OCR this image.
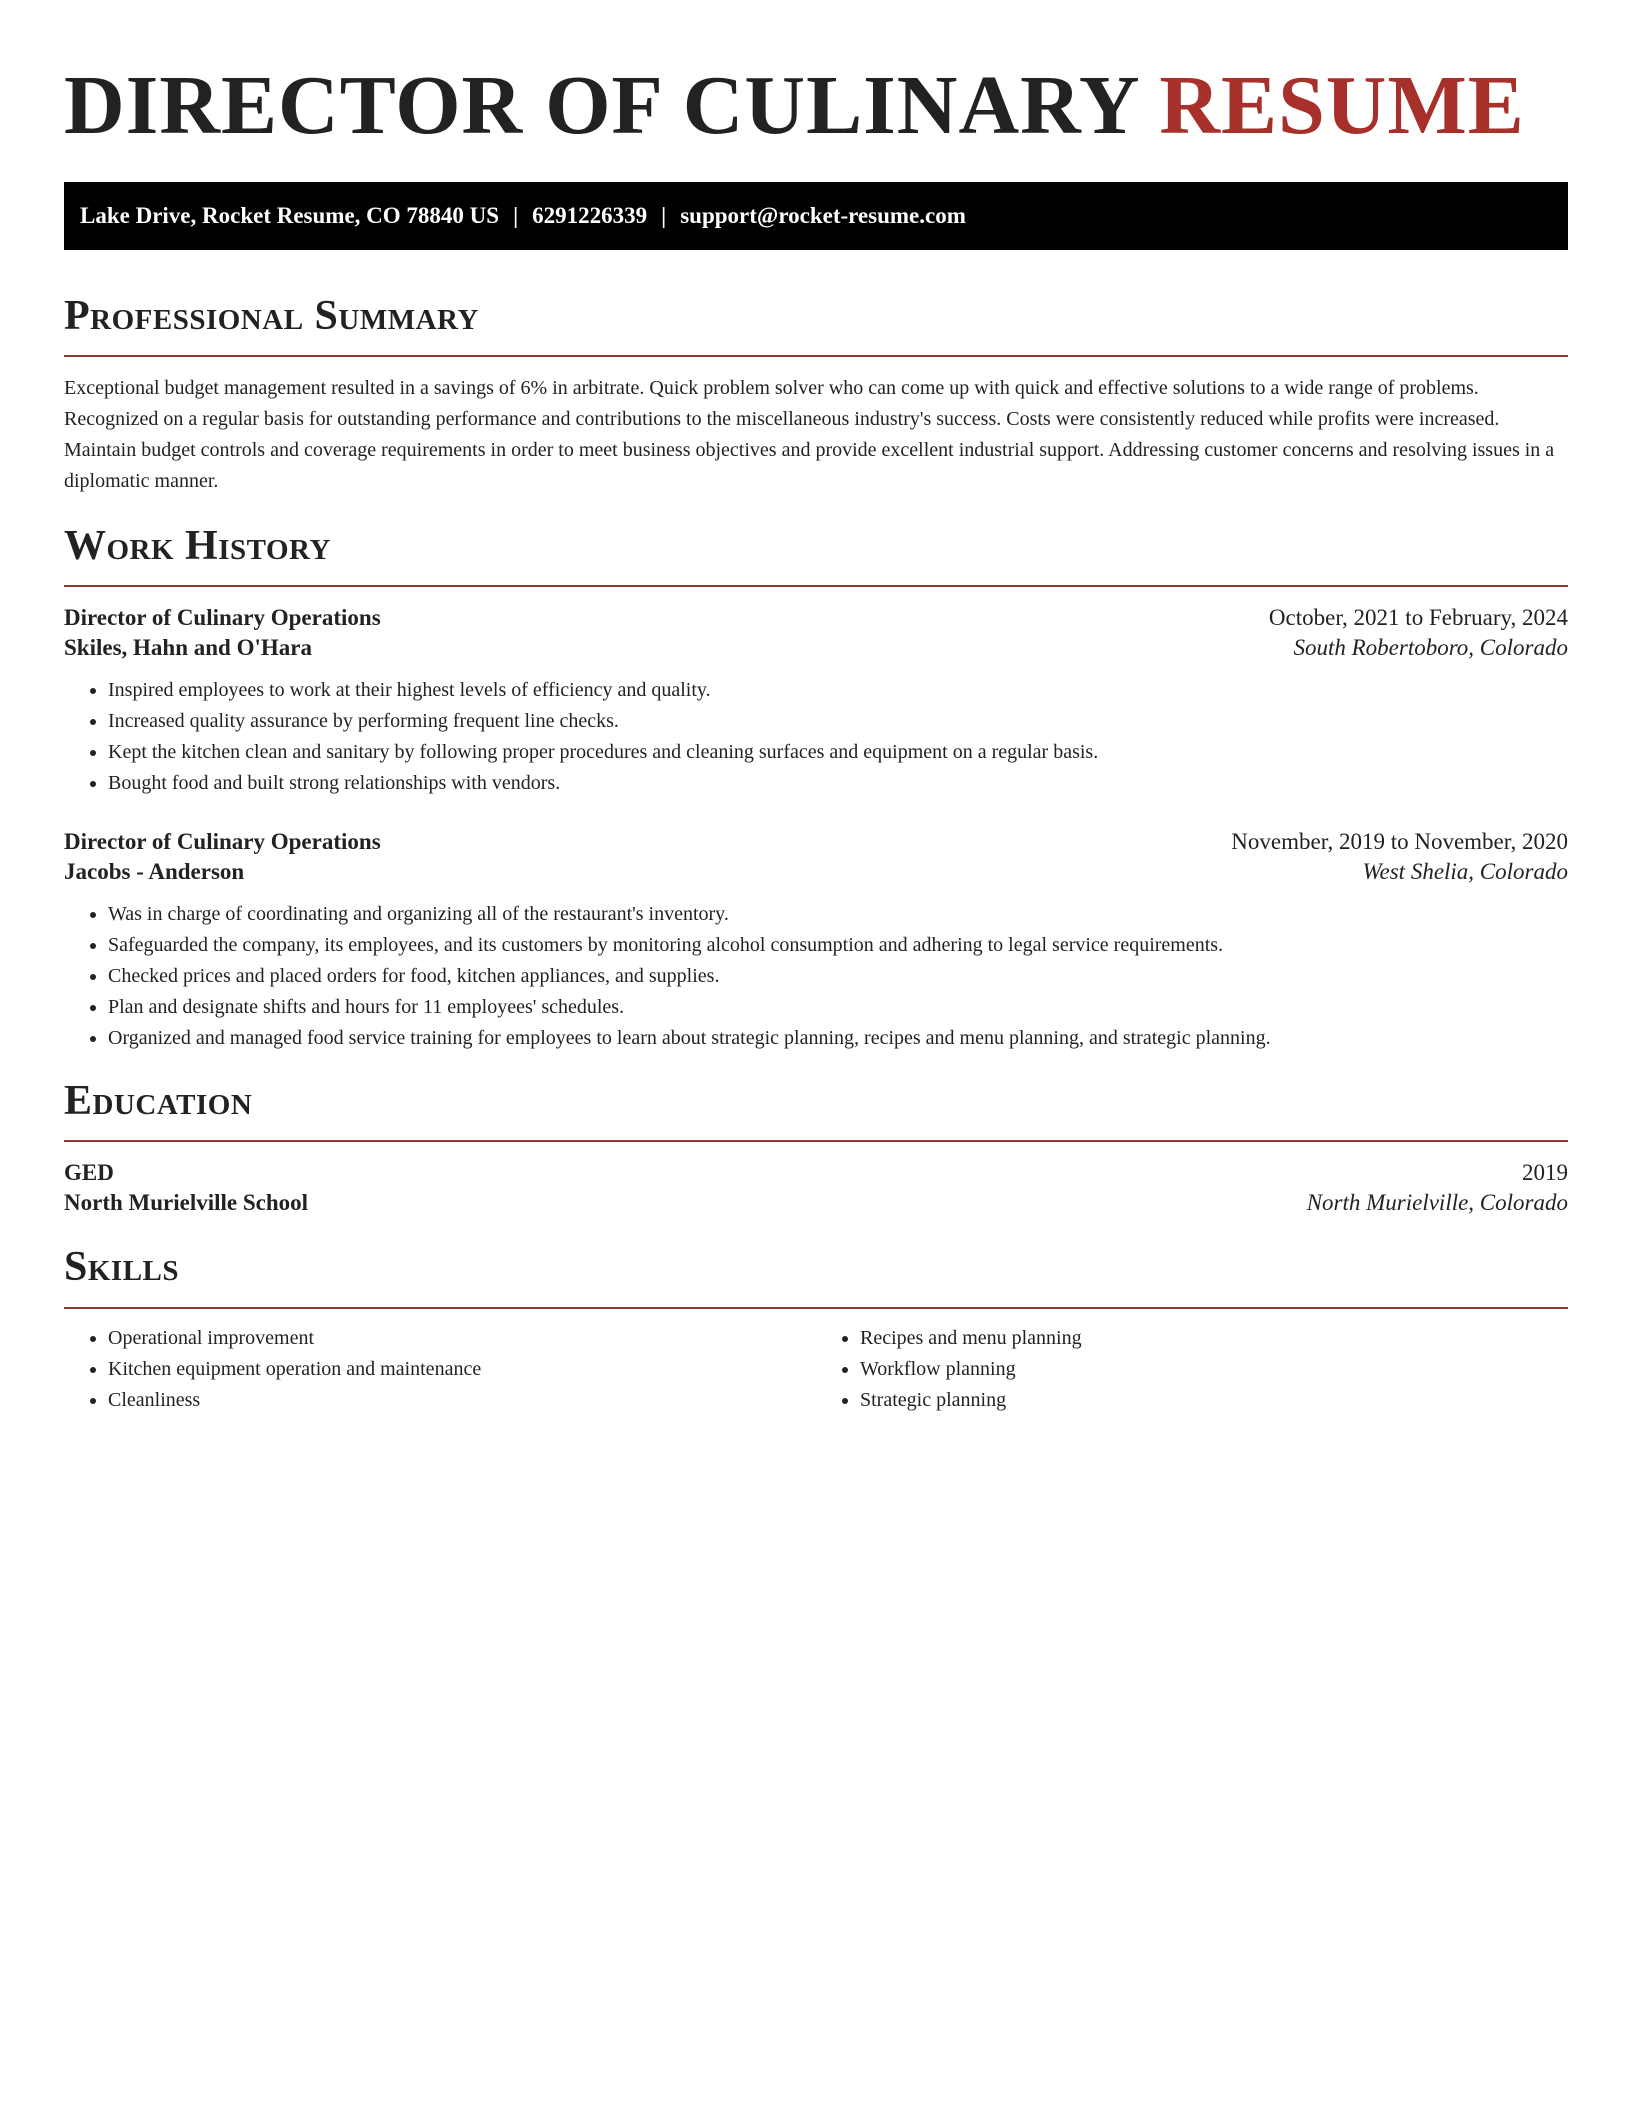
DIRECTOR OF CULINARY RESUME
Lake Drive, Rocket Resume, CO 78840 US | 6291226339 | support@rocket-resume.com
Professional Summary

Exceptional budget management resulted in a savings of 6% in arbitrate. Quick problem solver who can come up with quick and effective solutions to a wide range of problems. Recognized on a regular basis for outstanding performance and contributions to the miscellaneous industry's success. Costs were consistently reduced while profits were increased. Maintain budget controls and coverage requirements in order to meet business objectives and provide excellent industrial support. Addressing customer concerns and resolving issues in a diplomatic manner.

Work History
Director of Culinary Operations	October, 2021 to February, 2024
Skiles, Hahn and O'Hara	South Robertoboro, Colorado
• Inspired employees to work at their highest levels of efficiency and quality.
• Increased quality assurance by performing frequent line checks.
• Kept the kitchen clean and sanitary by following proper procedures and cleaning surfaces and equipment on a regular basis.
• Bought food and built strong relationships with vendors.
Director of Culinary Operations	November, 2019 to November, 2020
Jacobs - Anderson	West Shelia, Colorado
• Was in charge of coordinating and organizing all of the restaurant's inventory.
• Safeguarded the company, its employees, and its customers by monitoring alcohol consumption and adhering to legal service requirements.
• Checked prices and placed orders for food, kitchen appliances, and supplies.
• Plan and designate shifts and hours for 11 employees' schedules.
• Organized and managed food service training for employees to learn about strategic planning, recipes and menu planning, and strategic planning.
Education
GED	2019
North Murielville School	North Murielville, Colorado
Skills
• Operational improvement
• Kitchen equipment operation and maintenance
• Cleanliness
• Recipes and menu planning
• Workflow planning
• Strategic planning
